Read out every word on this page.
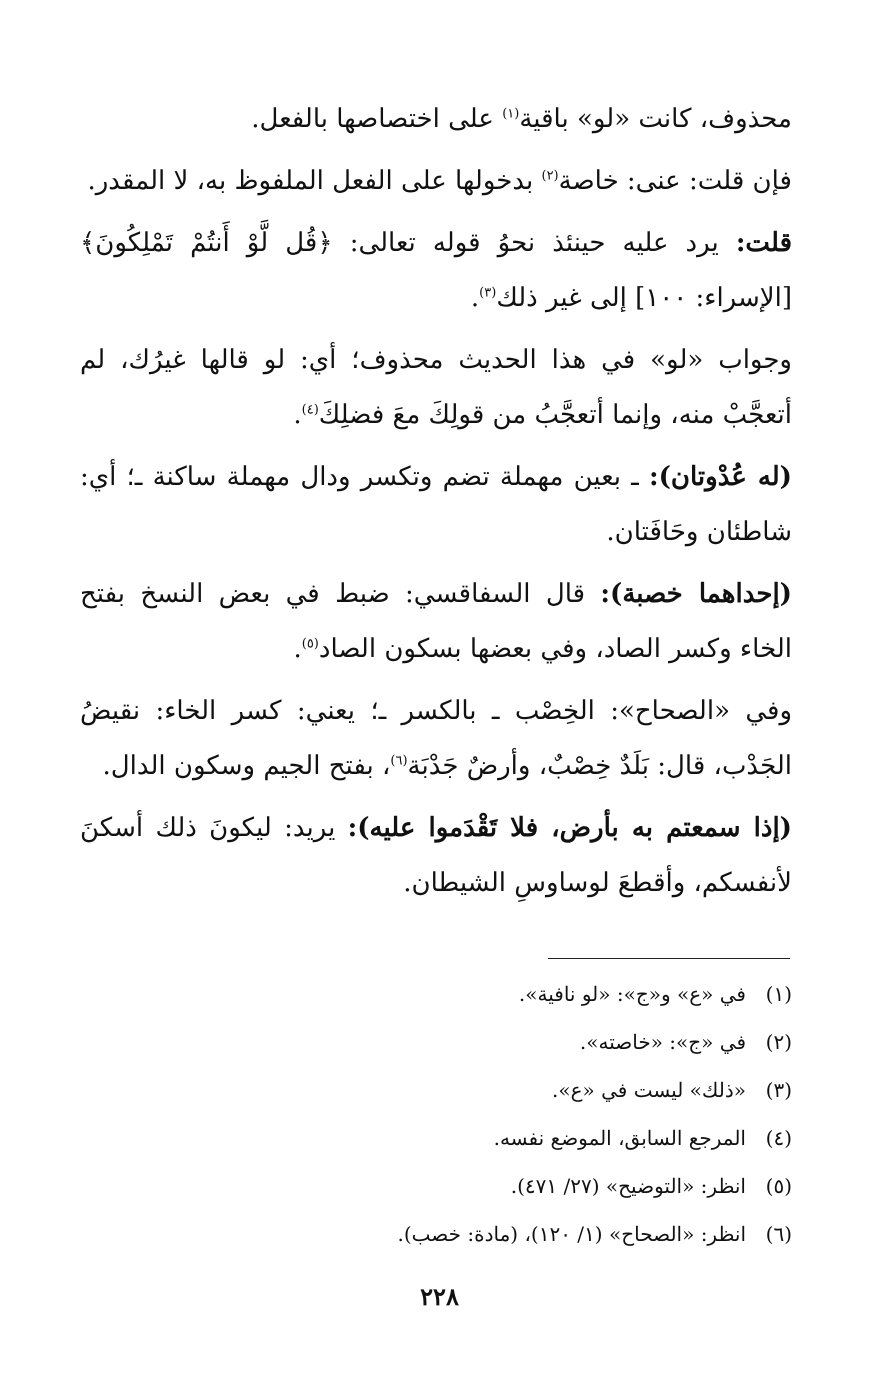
محذوف، كانت «لو» باقية$^{(١)}$ على اختصاصها بالفعل.

فإن قلت: عنى: خاصة$^{(٢)}$ بدخولها على الفعل الملفوظ به، لا المقدر.

قلت: يرد عليه حينئذ نحوُ قوله تعالى: ﴿قُل لَّوْ أَنتُمْ تَمْلِكُونَ﴾[الإسراء: ١٠٠] إلى غير ذلك$^{(٣)}$.

وجواب «لو» في هذا الحديث محذوف؛ أي: لو قالها غيرُك، لم أتعجَّبْ منه، وإنما أتعجَّبُ من قولِكَ معَ فضلِكَ$^{(٤)}$.

(له عُدْوتان): ـ بعين مهملة تضم وتكسر ودال مهملة ساكنة ـ؛ أي: شاطئان وحَافَتان.

(إحداهما خصبة): قال السفاقسي: ضبط في بعض النسخ بفتح الخاء وكسر الصاد، وفي بعضها بسكون الصاد$^{(٥)}$.

وفي «الصحاح»: الخِصْب ـ بالكسر ـ؛ يعني: كسر الخاء: نقيضُ الجَدْب، قال: بَلَدٌ خِصْبٌ، وأرضٌ جَدْبَة$^{(٦)}$، بفتح الجيم وسكون الدال.

(إذا سمعتم به بأرض، فلا تَقْدَموا عليه): يريد: ليكونَ ذلك أسكنَ لأنفسكم، وأقطعَ لوساوسِ الشيطان.

(١)في «ع» و«ج»: «لو نافية».
(٢)في «ج»: «خاصته».
(٣)«ذلك» ليست في «ع».
(٤)المرجع السابق، الموضع نفسه.
(٥)انظر: «التوضيح» (٢٧/ ٤٧١).
(٦)انظر: «الصحاح» (١/ ١٢٠)، (مادة: خصب).
٢٢٨
